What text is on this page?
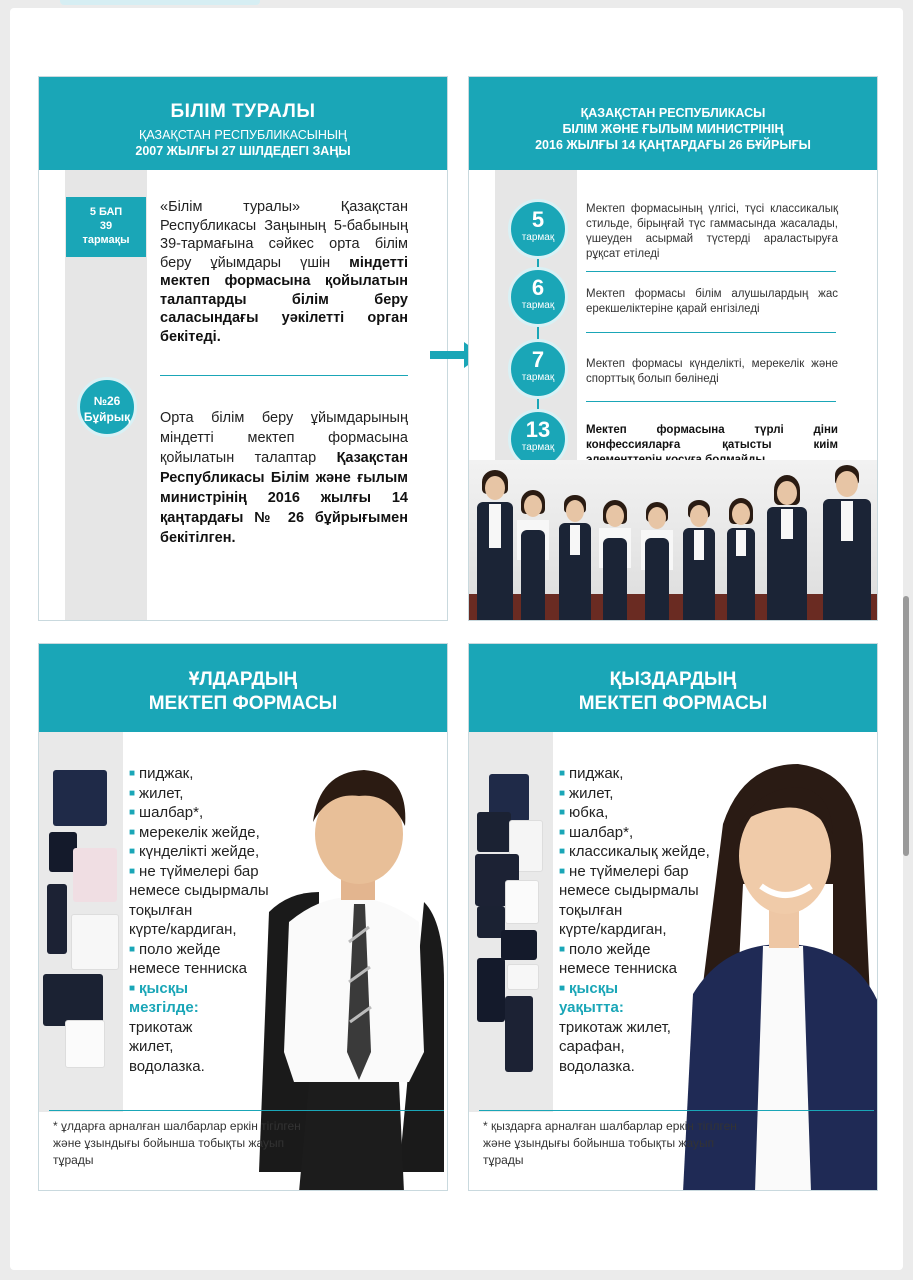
БІЛІМ ТУРАЛЫ
ҚАЗАҚСТАН РЕСПУБЛИКАСЫНЫҢ
2007 ЖЫЛҒЫ 27 ШІЛДЕДЕГІ ЗАҢЫ
5 БАП
39
тармақы
№26
Бұйрық
«Білім туралы» Қазақстан Республикасы Заңының 5-бабының 39-тармағына сәйкес орта білім беру ұйымдары үшін міндетті мектеп формасына қойылатын талаптарды білім беру саласындағы уәкілетті орган бекітеді.
Орта білім беру ұйымдарының міндетті мектеп формасына қойылатын талаптар Қазақстан Республикасы Білім және ғылым министрінің 2016 жылғы 14 қаңтардағы № 26 бұйрығымен бекітілген.
ҚАЗАҚСТАН РЕСПУБЛИКАСЫ
БІЛІМ ЖӘНЕ ҒЫЛЫМ МИНИСТРІНІҢ
2016 ЖЫЛҒЫ 14 ҚАҢТАРДАҒЫ 26 БҰЙРЫҒЫ
5
тармақ
Мектеп формасының үлгісі, түсі классикалық стильде, бірыңғай түс гаммасында жасалады, үшеуден асырмай түстерді араластыруға рұқсат етіледі
6
тармақ
Мектеп формасы білім алушылардың жас ерекшеліктеріне қарай енгізіледі
7
тармақ
Мектеп формасы күнделікті, мерекелік және спорттық болып бөлінеді
13
тармақ
Мектеп формасына түрлі діни конфессияларға қатысты киім
ҰЛДАРДЫҢ
МЕКТЕП ФОРМАСЫ
■ пиджак,
■ жилет,
■ шалбар*,
■ мерекелік жейде,
■ күнделікті жейде,
■ не түймелері бар
немесе сыдырмалы
тоқылған
күрте/кардиган,
■ поло жейде
немесе тенниска
■ қысқы
мезгілде:
трикотаж
жилет,
водолазка.
* ұлдарға арналған шалбарлар еркін тігілген және ұзындығы бойынша тобықты жауып тұрады
ҚЫЗДАРДЫҢ
МЕКТЕП ФОРМАСЫ
■ пиджак,
■ жилет,
■ юбка,
■ шалбар*,
■ классикалық жейде,
■ не түймелері бар
немесе сыдырмалы
тоқылған
күрте/кардиган,
■ поло жейде
немесе тенниска
■ қысқы
уақытта:
трикотаж жилет,
сарафан,
водолазка.
* қыздарға арналған шалбарлар еркін тігілген және ұзындығы бойынша тобықты жауып тұрады
